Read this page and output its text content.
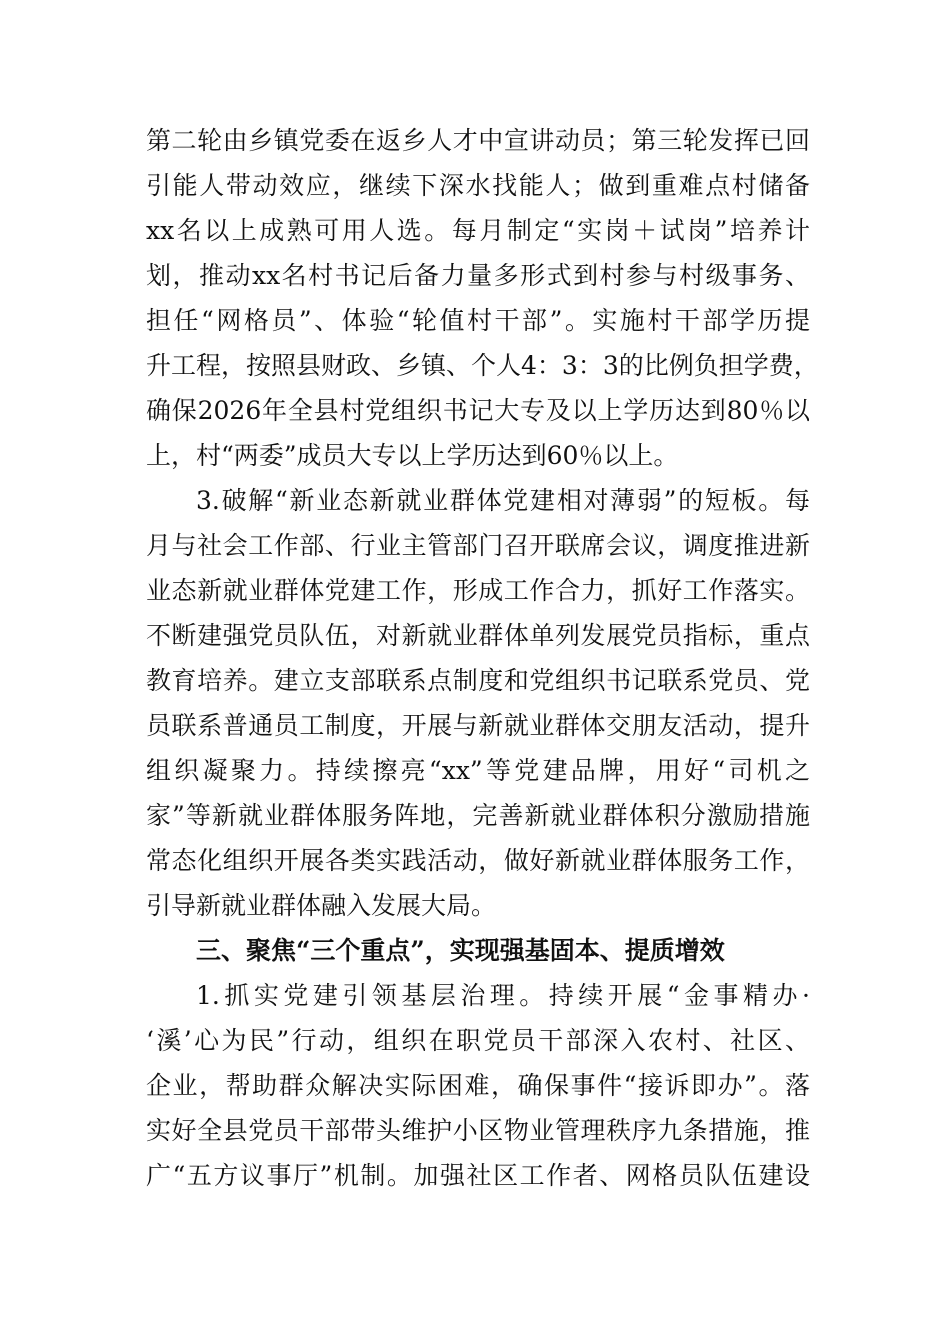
第二轮由乡镇党委在返乡人才中宣讲动员；第三轮发挥已回
引能人带动效应，继续下深水找能人；做到重难点村储备
xx名以上成熟可用人选。每月制定“实岗＋试岗”培养计
划，推动xx名村书记后备力量多形式到村参与村级事务、
担任“网格员”、体验“轮值村干部”。实施村干部学历提
升工程，按照县财政、乡镇、个人4：3：3的比例负担学费，
确保2026年全县村党组织书记大专及以上学历达到80％以
上，村“两委”成员大专以上学历达到60％以上。
3.破解“新业态新就业群体党建相对薄弱”的短板。每
月与社会工作部、行业主管部门召开联席会议，调度推进新
业态新就业群体党建工作，形成工作合力，抓好工作落实。
不断建强党员队伍，对新就业群体单列发展党员指标，重点
教育培养。建立支部联系点制度和党组织书记联系党员、党
员联系普通员工制度，开展与新就业群体交朋友活动，提升
组织凝聚力。持续擦亮“xx”等党建品牌，用好“司机之
家”等新就业群体服务阵地，完善新就业群体积分激励措施
常态化组织开展各类实践活动，做好新就业群体服务工作，
引导新就业群体融入发展大局。
三、聚焦“三个重点”，实现强基固本、提质增效
1.抓实党建引领基层治理。持续开展“金事精办·
‘溪’心为民”行动，组织在职党员干部深入农村、社区、
企业，帮助群众解决实际困难，确保事件“接诉即办”。落
实好全县党员干部带头维护小区物业管理秩序九条措施，推
广“五方议事厅”机制。加强社区工作者、网格员队伍建设
